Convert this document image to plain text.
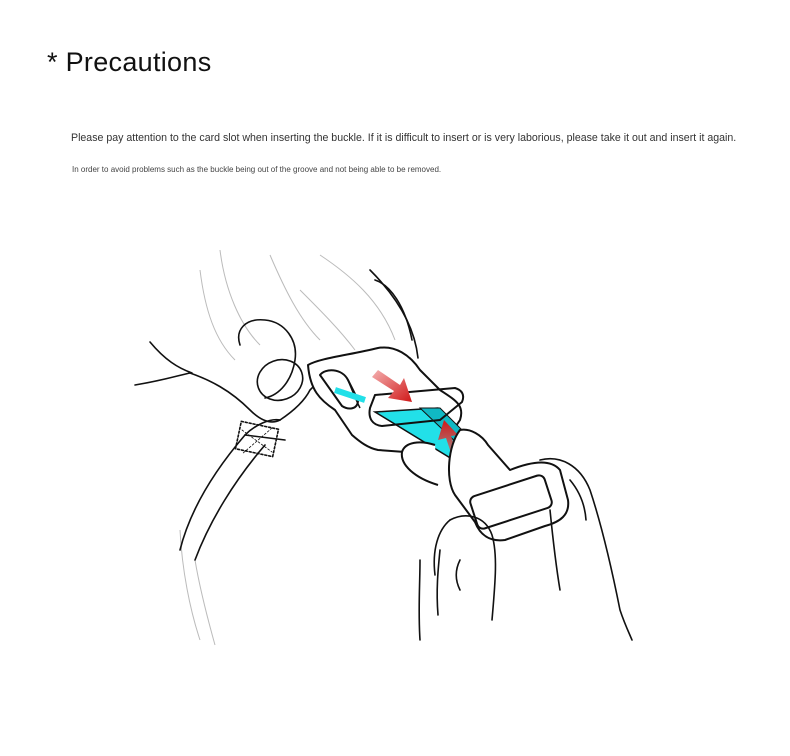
* Precautions

Please pay attention to the card slot when inserting the buckle. If it is difficult to insert or is very laborious, please take it out and insert it again.

In order to avoid problems such as the buckle being out of the groove and not being able to be removed.
